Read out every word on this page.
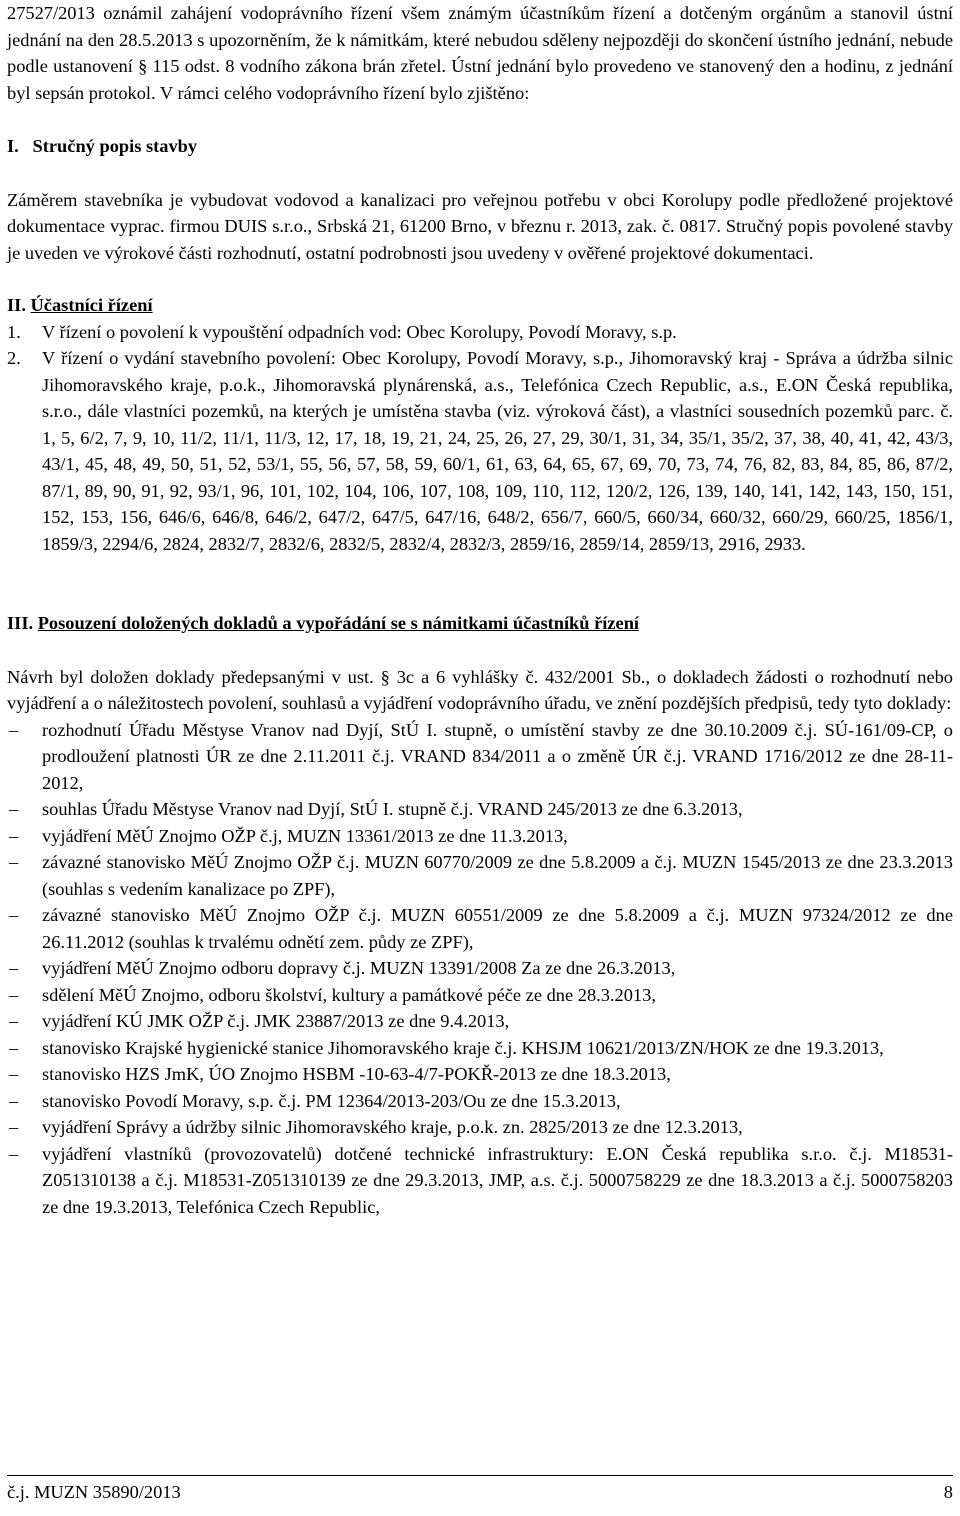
27527/2013 oznámil zahájení vodoprávního řízení všem známým účastníkům řízení a dotčeným orgánům a stanovil ústní jednání na den 28.5.2013 s upozorněním, že k námitkám, které nebudou sděleny nejpozději do skončení ústního jednání, nebude podle ustanovení § 115 odst. 8 vodního zákona brán zřetel. Ústní jednání bylo provedeno ve stanovený den a hodinu, z jednání byl sepsán protokol. V rámci celého vodoprávního řízení bylo zjištěno:

I.   Stručný popis stavby

Záměrem stavebníka je vybudovat vodovod a kanalizaci pro veřejnou potřebu v obci Korolupy podle předložené projektové dokumentace vyprac. firmou DUIS s.r.o., Srbská 21, 61200 Brno, v březnu r. 2013, zak. č. 0817. Stručný popis povolené stavby je uveden ve výrokové části rozhodnutí, ostatní podrobnosti jsou uvedeny v ověřené projektové dokumentaci.

II. Účastníci řízení

1. V řízení o povolení k vypouštění odpadních vod: Obec Korolupy, Povodí Moravy, s.p.
2. V řízení o vydání stavebního povolení: Obec Korolupy, Povodí Moravy, s.p., Jihomoravský kraj - Správa a údržba silnic Jihomoravského kraje, p.o.k., Jihomoravská plynárenská, a.s., Telefónica Czech Republic, a.s., E.ON Česká republika, s.r.o., dále vlastníci pozemků, na kterých je umístěna stavba (viz. výroková část), a vlastníci sousedních pozemků parc. č. 1, 5, 6/2, 7, 9, 10, 11/2, 11/1, 11/3, 12, 17, 18, 19, 21, 24, 25, 26, 27, 29, 30/1, 31, 34, 35/1, 35/2, 37, 38, 40, 41, 42, 43/3, 43/1, 45, 48, 49, 50, 51, 52, 53/1, 55, 56, 57, 58, 59, 60/1, 61, 63, 64, 65, 67, 69, 70, 73, 74, 76, 82, 83, 84, 85, 86, 87/2, 87/1, 89, 90, 91, 92, 93/1, 96, 101, 102, 104, 106, 107, 108, 109, 110, 112, 120/2, 126, 139, 140, 141, 142, 143, 150, 151, 152, 153, 156, 646/6, 646/8, 646/2, 647/2, 647/5, 647/16, 648/2, 656/7, 660/5, 660/34, 660/32, 660/29, 660/25, 1856/1, 1859/3, 2294/6, 2824, 2832/7, 2832/6, 2832/5, 2832/4, 2832/3, 2859/16, 2859/14, 2859/13, 2916, 2933.

III. Posouzení doložených dokladů a vypořádání se s námitkami účastníků řízení

Návrh byl doložen doklady předepsanými v ust. § 3c a 6 vyhlášky č. 432/2001 Sb., o dokladech žádosti o rozhodnutí nebo vyjádření a o náležitostech povolení, souhlasů a vyjádření vodoprávního úřadu, ve znění pozdějších předpisů, tedy tyto doklady:

– rozhodnutí Úřadu Městyse Vranov nad Dyjí, StÚ I. stupně, o umístění stavby ze dne 30.10.2009 č.j. SÚ-161/09-CP, o prodloužení platnosti ÚR ze dne 2.11.2011 č.j. VRAND 834/2011 a o změně ÚR č.j. VRAND 1716/2012 ze dne 28-11-2012,
– souhlas Úřadu Městyse Vranov nad Dyjí, StÚ I. stupně č.j. VRAND 245/2013 ze dne 6.3.2013,
– vyjádření MěÚ Znojmo OŽP č.j, MUZN 13361/2013 ze dne 11.3.2013,
– závazné stanovisko MěÚ Znojmo OŽP č.j. MUZN 60770/2009 ze dne 5.8.2009 a č.j. MUZN 1545/2013 ze dne 23.3.2013 (souhlas s vedením kanalizace po ZPF),
– závazné stanovisko MěÚ Znojmo OŽP č.j. MUZN 60551/2009 ze dne 5.8.2009 a č.j. MUZN 97324/2012 ze dne 26.11.2012 (souhlas k trvalému odnětí zem. půdy ze ZPF),
– vyjádření MěÚ Znojmo odboru dopravy č.j. MUZN 13391/2008 Za ze dne 26.3.2013,
– sdělení MěÚ Znojmo, odboru školství, kultury a památkové péče ze dne 28.3.2013,
– vyjádření KÚ JMK OŽP č.j. JMK 23887/2013 ze dne 9.4.2013,
– stanovisko Krajské hygienické stanice Jihomoravského kraje č.j. KHSJM 10621/2013/ZN/HOK ze dne 19.3.2013,
– stanovisko HZS JmK, ÚO Znojmo HSBM -10-63-4/7-POKŘ-2013 ze dne 18.3.2013,
– stanovisko Povodí Moravy, s.p. č.j. PM 12364/2013-203/Ou ze dne 15.3.2013,
– vyjádření Správy a údržby silnic Jihomoravského kraje, p.o.k. zn. 2825/2013 ze dne 12.3.2013,
– vyjádření vlastníků (provozovatelů) dotčené technické infrastruktury: E.ON Česká republika s.r.o. č.j. M18531-Z051310138 a č.j. M18531-Z051310139 ze dne 29.3.2013, JMP, a.s. č.j. 5000758229 ze dne 18.3.2013 a č.j. 5000758203 ze dne 19.3.2013, Telefónica Czech Republic,
č.j. MUZN 35890/2013	8
